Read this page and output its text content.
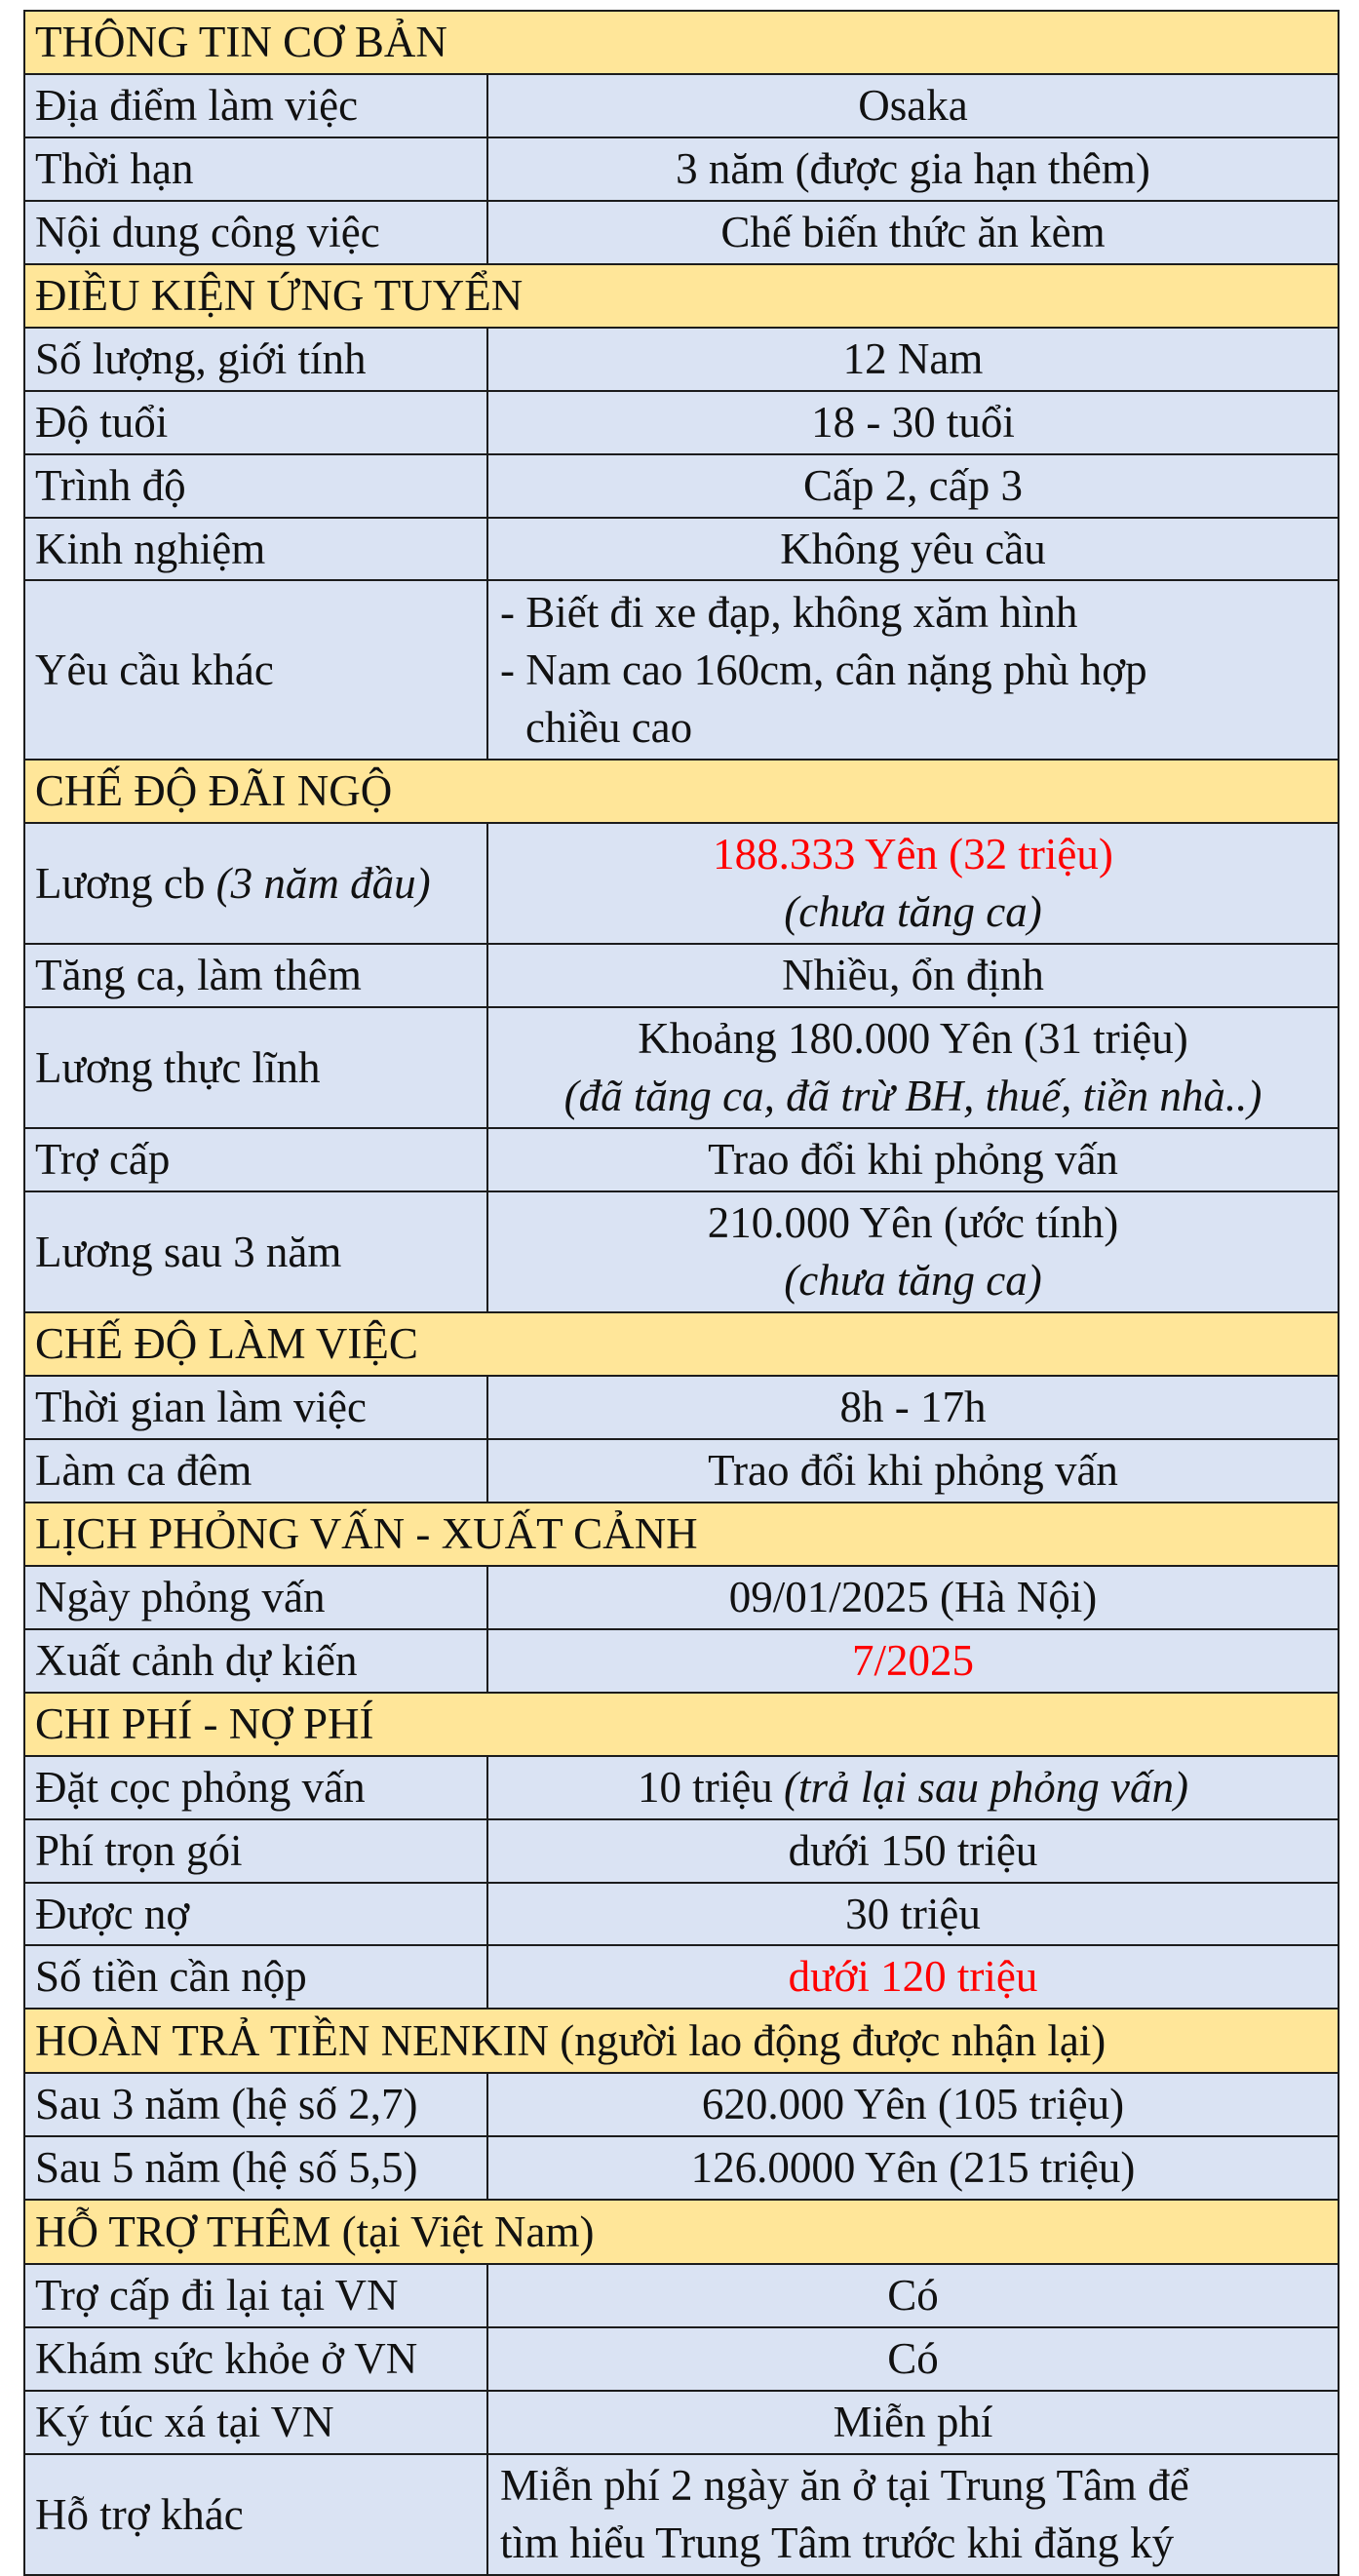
THÔNG TIN CƠ BẢN	
Địa điểm làm việc	Osaka
Thời hạn	3 năm (được gia hạn thêm)
Nội dung công việc	Chế biến thức ăn kèm
ĐIỀU KIỆN ỨNG TUYỂN	
Số lượng, giới tính	12 Nam
Độ tuổi	18 - 30 tuổi
Trình độ	Cấp 2, cấp 3
Kinh nghiệm	Không yêu cầu
Yêu cầu khác	- Biết đi xe đạp, không xăm hình
- Nam cao 160cm, cân nặng phù hợp
chiều cao

CHẾ ĐỘ ĐÃI NGỘ	
Lương cb (3 năm đầu)	188.333 Yên (32 triệu)
(chưa tăng ca)

Tăng ca, làm thêm	Nhiều, ổn định
Lương thực lĩnh	Khoảng 180.000 Yên (31 triệu)
(đã tăng ca, đã trừ BH, thuế, tiền nhà..)

Trợ cấp	Trao đổi khi phỏng vấn
Lương sau 3 năm	210.000 Yên (ước tính)
(chưa tăng ca)

CHẾ ĐỘ LÀM VIỆC	
Thời gian làm việc	8h - 17h
Làm ca đêm	Trao đổi khi phỏng vấn
LỊCH PHỎNG VẤN - XUẤT CẢNH	
Ngày phỏng vấn	09/01/2025 (Hà Nội)
Xuất cảnh dự kiến	7/2025
CHI PHÍ - NỢ PHÍ	
Đặt cọc phỏng vấn	10 triệu (trả lại sau phỏng vấn)
Phí trọn gói	dưới 150 triệu
Được nợ	30 triệu
Số tiền cần nộp	dưới 120 triệu
HOÀN TRẢ TIỀN NENKIN (người lao động được nhận lại)	
Sau 3 năm (hệ số 2,7)	620.000 Yên (105 triệu)
Sau 5 năm (hệ số 5,5)	126.0000 Yên (215 triệu)
HỖ TRỢ THÊM (tại Việt Nam)	
Trợ cấp đi lại tại VN	Có
Khám sức khỏe ở VN	Có
Ký túc xá tại VN	Miễn phí
Hỗ trợ khác	Miễn phí 2 ngày ăn ở tại Trung Tâm để
tìm hiểu Trung Tâm trước khi đăng ký
